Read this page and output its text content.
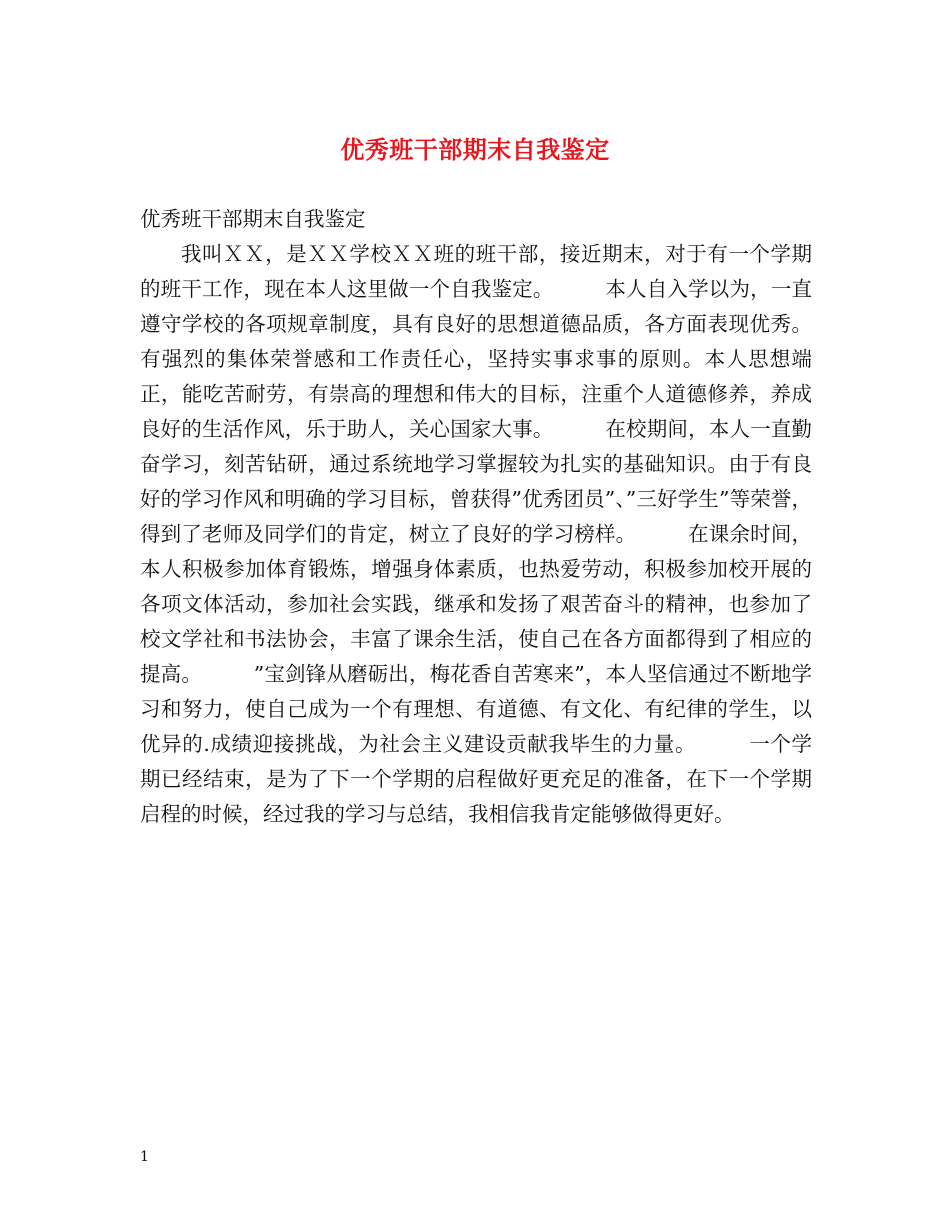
优秀班干部期末自我鉴定

优秀班干部期末自我鉴定

我叫ＸＸ，是ＸＸ学校ＸＸ班的班干部，接近期末，对于有一个学期的班干工作，现在本人这里做一个自我鉴定。　　　本人自入学以为，一直遵守学校的各项规章制度，具有良好的思想道德品质，各方面表现优秀。有强烈的集体荣誉感和工作责任心，坚持实事求事的原则。本人思想端正，能吃苦耐劳，有崇高的理想和伟大的目标，注重个人道德修养，养成良好的生活作风，乐于助人，关心国家大事。　　　在校期间，本人一直勤奋学习，刻苦钻研，通过系统地学习掌握较为扎实的基础知识。由于有良好的学习作风和明确的学习目标，曾获得”优秀团员”、”三好学生”等荣誉，得到了老师及同学们的肯定，树立了良好的学习榜样。　　　在课余时间，本人积极参加体育锻炼，增强身体素质，也热爱劳动，积极参加校开展的各项文体活动，参加社会实践，继承和发扬了艰苦奋斗的精神，也参加了校文学社和书法协会，丰富了课余生活，使自己在各方面都得到了相应的提高。　　　”宝剑锋从磨砺出，梅花香自苦寒来”，本人坚信通过不断地学习和努力，使自己成为一个有理想、有道德、有文化、有纪律的学生，以优异的.成绩迎接挑战，为社会主义建设贡献我毕生的力量。　　　一个学期已经结束，是为了下一个学期的启程做好更充足的准备，在下一个学期启程的时候，经过我的学习与总结，我相信我肯定能够做得更好。

1
